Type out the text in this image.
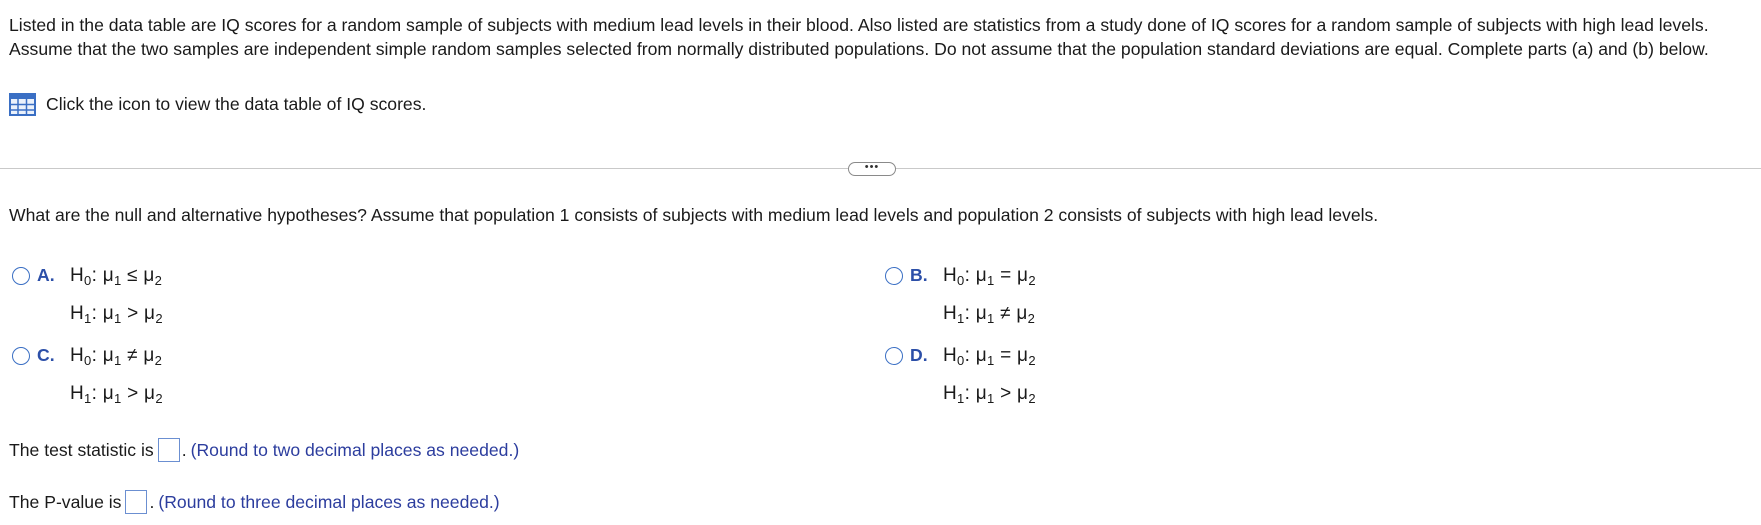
Listed in the data table are IQ scores for a random sample of subjects with medium lead levels in their blood. Also listed are statistics from a study done of IQ scores for a random sample of subjects with high lead levels. Assume that the two samples are independent simple random samples selected from normally distributed populations. Do not assume that the population standard deviations are equal. Complete parts (a) and (b) below.
Click the icon to view the data table of IQ scores.
•••
What are the null and alternative hypotheses? Assume that population 1 consists of subjects with medium lead levels and population 2 consists of subjects with high lead levels.
A. $H_0$: $\mu_1 \le \mu_2$
$H_1$: $\mu_1 > \mu_2$
B. $H_0$: $\mu_1 = \mu_2$
$H_1$: $\mu_1 \ne \mu_2$
C. $H_0$: $\mu_1 \ne \mu_2$
$H_1$: $\mu_1 > \mu_2$
D. $H_0$: $\mu_1 = \mu_2$
$H_1$: $\mu_1 > \mu_2$
The test statistic is . (Round to two decimal places as needed.)
The P-value is . (Round to three decimal places as needed.)
